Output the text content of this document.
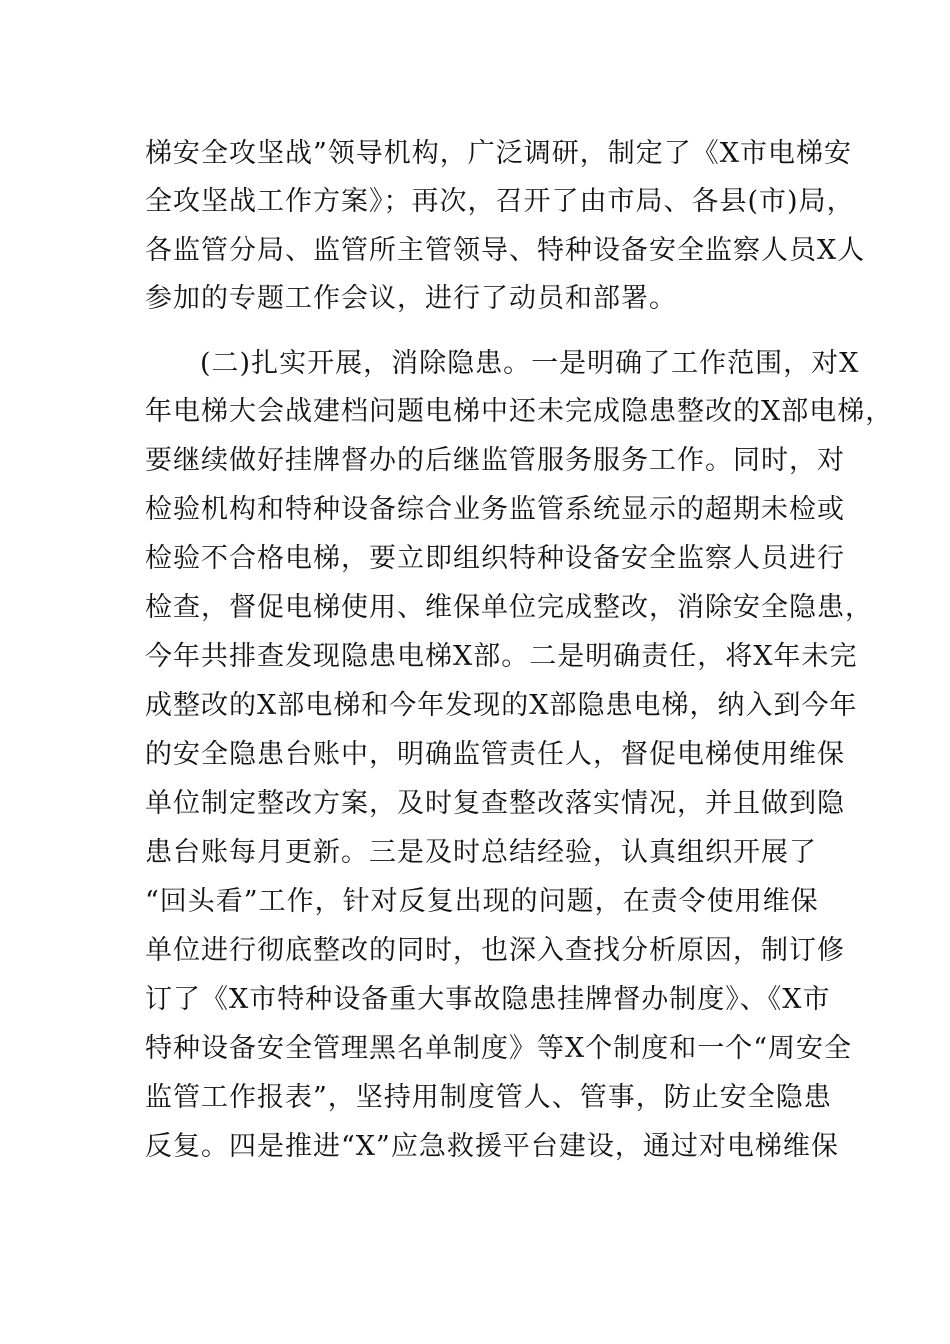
梯安全攻坚战”领导机构，广泛调研，制定了《X市电梯安

全攻坚战工作方案》；再次，召开了由市局、各县(市)局，

各监管分局、监管所主管领导、特种设备安全监察人员X人

参加的专题工作会议，进行了动员和部署。

(二)扎实开展，消除隐患。一是明确了工作范围，对X

年电梯大会战建档问题电梯中还未完成隐患整改的X部电梯，

要继续做好挂牌督办的后继监管服务服务工作。同时，对

检验机构和特种设备综合业务监管系统显示的超期未检或

检验不合格电梯，要立即组织特种设备安全监察人员进行

检查，督促电梯使用、维保单位完成整改，消除安全隐患，

今年共排查发现隐患电梯X部。二是明确责任，将X年未完

成整改的X部电梯和今年发现的X部隐患电梯，纳入到今年

的安全隐患台账中，明确监管责任人，督促电梯使用维保

单位制定整改方案，及时复查整改落实情况，并且做到隐

患台账每月更新。三是及时总结经验，认真组织开展了

“回头看”工作，针对反复出现的问题，在责令使用维保

单位进行彻底整改的同时，也深入查找分析原因，制订修

订了《X市特种设备重大事故隐患挂牌督办制度》、《X市

特种设备安全管理黑名单制度》等X个制度和一个“周安全

监管工作报表”，坚持用制度管人、管事，防止安全隐患

反复。四是推进“X”应急救援平台建设，通过对电梯维保
